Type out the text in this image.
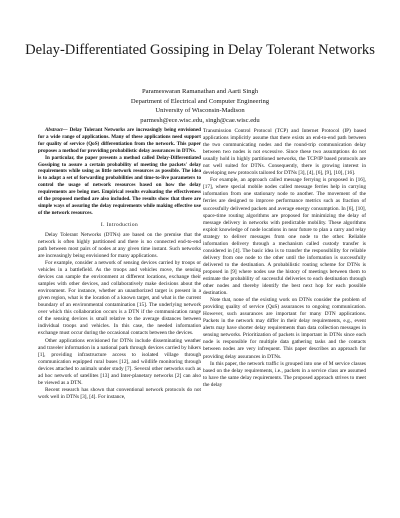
Delay-Differentiated Gossiping in Delay Tolerant Networks
Parameswaran Ramanathan and Aarti Singh
Department of Electrical and Computer Engineering
University of Wisconsin-Madison
parmesh@ece.wisc.edu, singh@cae.wisc.edu

Abstract— Delay Tolerant Networks are increasingly being envisioned for a wide range of applications. Many of these applications need support for quality of service (QoS) differentiation from the network. This paper proposes a method for providing probabilistic delay assurances in DTNs.

In particular, the paper presents a method called Delay-Differentiated Gossiping to assure a certain probability of meeting the packets' delay requirements while using as little network resources as possible. The idea is to adapt a set of forwarding probabilities and time-to-live parameters to control the usage of network resources based on how the delay requirements are being met. Empirical results evaluating the effectiveness of the proposed method are also included. The results show that there are simple ways of assuring the delay requirements while making effective use of the network resources.

I. Introduction

Delay Tolerant Networks (DTNs) are based on the premise that the network is often highly partitioned and there is no connected end-to-end path between most pairs of nodes at any given time instant. Such networks are increasingly being envisioned for many applications.

For example, consider a network of sensing devices carried by troops or vehicles in a battlefield. As the troops and vehicles move, the sensing devices can sample the environment at different locations, exchange their samples with other devices, and collaboratively make decisions about the environment. For instance, whether an unauthorized target is present in a given region, what is the location of a known target, and what is the current boundary of an environmental contamination [15]. The underlying network over which this collaboration occurs is a DTN if the communication range of the sensing devices is small relative to the average distances between individual troops and vehicles. In this case, the needed information exchange must occur during the occasional contacts between the devices.

Other applications envisioned for DTNs include disseminating weather and traveler information in a national park through devices carried by hikers [1], providing infrastructure access to isolated village through communication equipped rural buses [12], and wildlife monitoring through devices attached to animals under study [7]. Several other networks such as ad hoc network of satellites [13] and Inter-planetary networks [2] can also be viewed as a DTN.

Recent research has shown that conventional network protocols do not work well in DTNs [3], [4]. For instance,

Transmission Control Protocol (TCP) and Internet Protocol (IP) based applications implicitly assume that there exists an end-to-end path between the two communicating nodes and the round-trip communication delay between two nodes is not excessive. Since these two assumptions do not usually hold in highly partitioned networks, the TCP/IP based protocols are not well suited for DTNs. Consequently, there is growing interest in developing new protocols tailored for DTNs [3], [4], [6], [9], [10], [16].

For example, an approach called message ferrying is proposed in [16], [17], where special mobile nodes called message ferries help in carrying information from one stationary node to another. The movement of the ferries are designed to improve performance metrics such as fraction of successfully delivered packets and average energy consumption. In [6], [10], space-time routing algorithms are proposed for minimizing the delay of message delivery in networks with predictable mobility. These algorithms exploit knowledge of node locations in near future to plan a carry and relay strategy to deliver messages from one node to the other. Reliable information delivery through a mechanism called custody transfer is considered in [4]. The basic idea is to transfer the responsibility for reliable delivery from one node to the other until the information is successfully delivered to the destination. A probabilistic routing scheme for DTNs is proposed in [9] where nodes use the history of meetings between them to estimate the probability of successful deliveries to each destination through other nodes and thereby identify the best next hop for each possible destination.

Note that, none of the existing work on DTNs consider the problem of providing quality of service (QoS) assurances to ongoing communication. However, such assurances are important for many DTN applications. Packets in the network may differ in their delay requirements, e.g., event alerts may have shorter delay requirements than data collection messages in sensing networks. Prioritization of packets is important in DTNs since each node is responsible for multiple data gathering tasks and the contacts between nodes are very infrequent. This paper describes an approach for providing delay assurances in DTNs.

In this paper, the network traffic is grouped into one of M service classes based on the delay requirements, i.e., packets in a service class are assumed to have the same delay requirements. The proposed approach strives to meet the delay
